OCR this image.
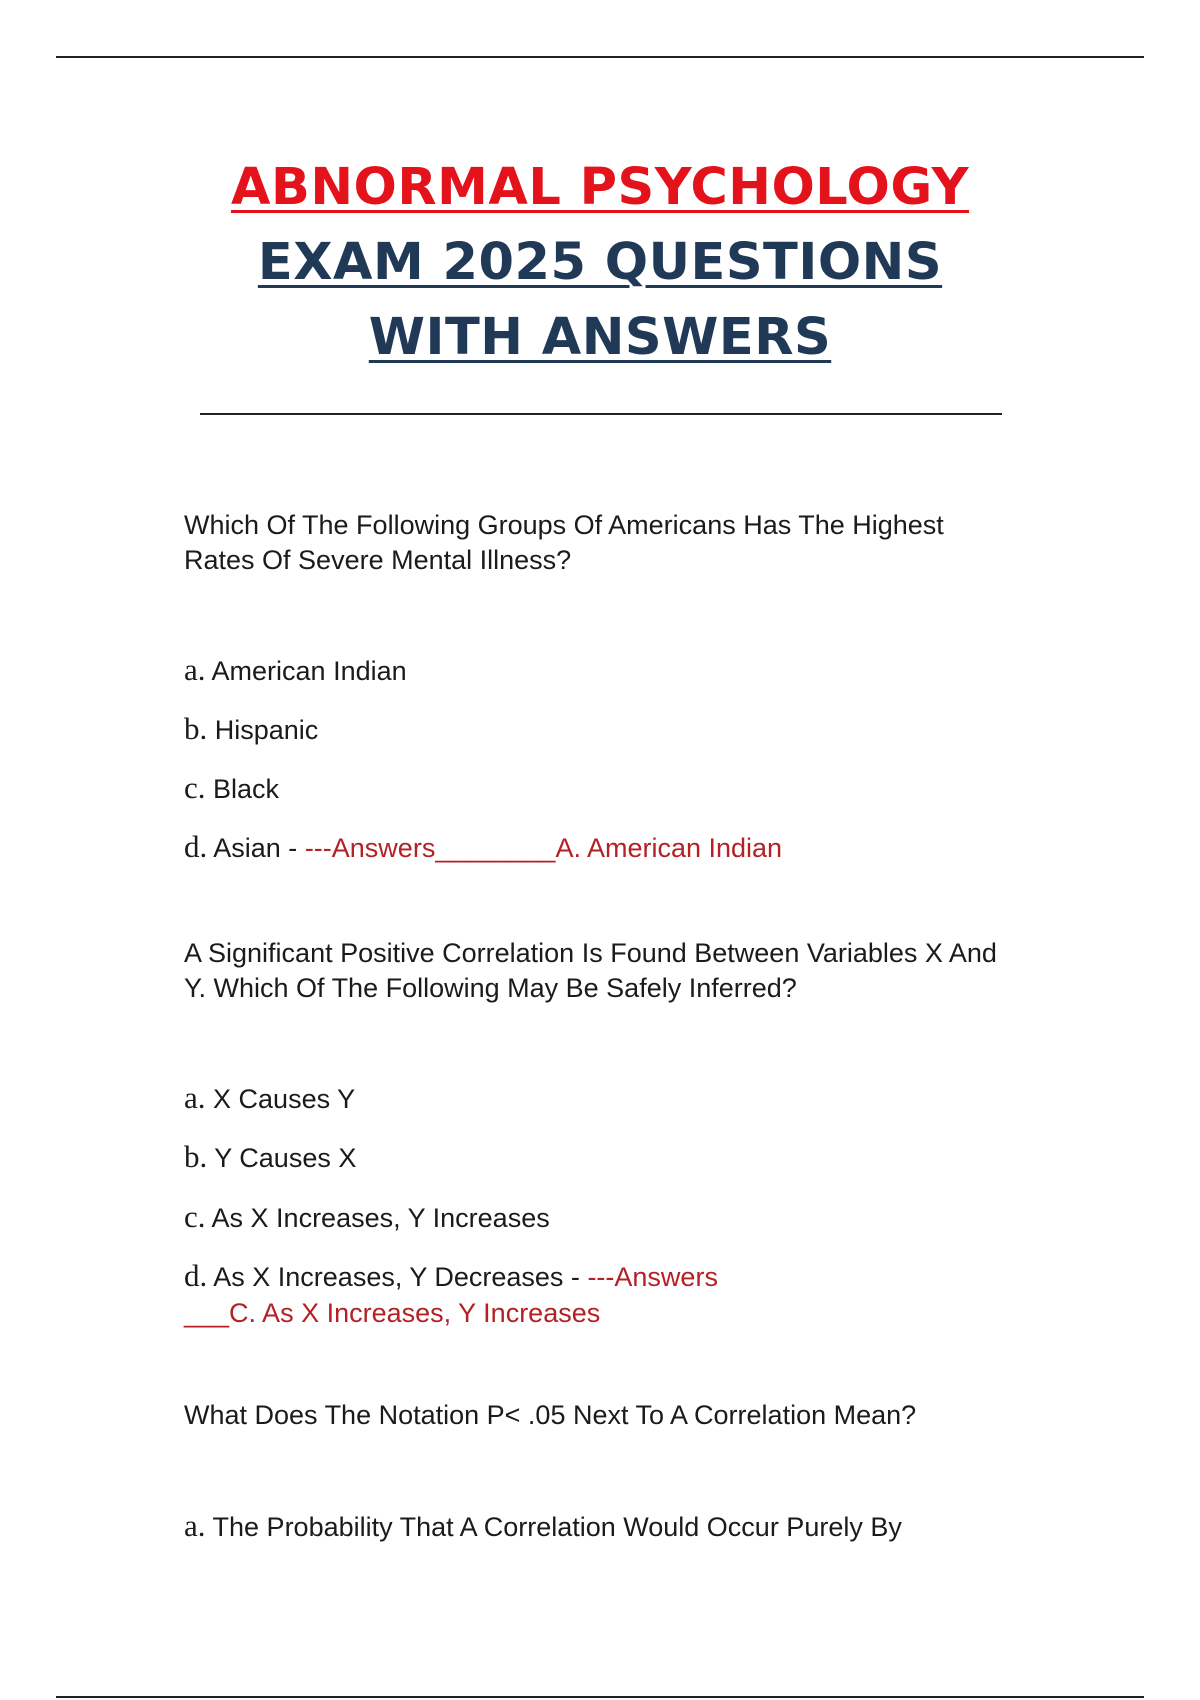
ABNORMAL PSYCHOLOGY
EXAM 2025 QUESTIONS
WITH ANSWERS
Which Of The Following Groups Of Americans Has The Highest Rates Of Severe Mental Illness?
a. American Indian
b. Hispanic
c. Black
d. Asian - ---Answers________A. American Indian
A Significant Positive Correlation Is Found Between Variables X And Y. Which Of The Following May Be Safely Inferred?
a. X Causes Y
b. Y Causes X
c. As X Increases, Y Increases
d. As X Increases, Y Decreases - ---Answers
___C. As X Increases, Y Increases
What Does The Notation P< .05 Next To A Correlation Mean?
a. The Probability That A Correlation Would Occur Purely By
